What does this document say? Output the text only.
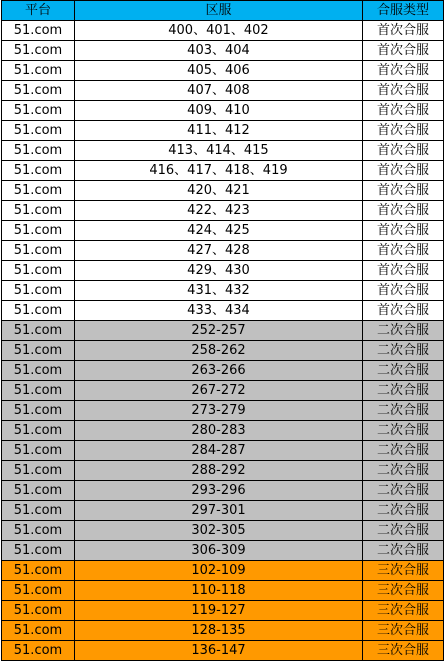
平台	区服	合服类型
51.com	400、401、402	首次合服
51.com	403、404	首次合服
51.com	405、406	首次合服
51.com	407、408	首次合服
51.com	409、410	首次合服
51.com	411、412	首次合服
51.com	413、414、415	首次合服
51.com	416、417、418、419	首次合服
51.com	420、421	首次合服
51.com	422、423	首次合服
51.com	424、425	首次合服
51.com	427、428	首次合服
51.com	429、430	首次合服
51.com	431、432	首次合服
51.com	433、434	首次合服
51.com	252-257	二次合服
51.com	258-262	二次合服
51.com	263-266	二次合服
51.com	267-272	二次合服
51.com	273-279	二次合服
51.com	280-283	二次合服
51.com	284-287	二次合服
51.com	288-292	二次合服
51.com	293-296	二次合服
51.com	297-301	二次合服
51.com	302-305	二次合服
51.com	306-309	二次合服
51.com	102-109	三次合服
51.com	110-118	三次合服
51.com	119-127	三次合服
51.com	128-135	三次合服
51.com	136-147	三次合服
